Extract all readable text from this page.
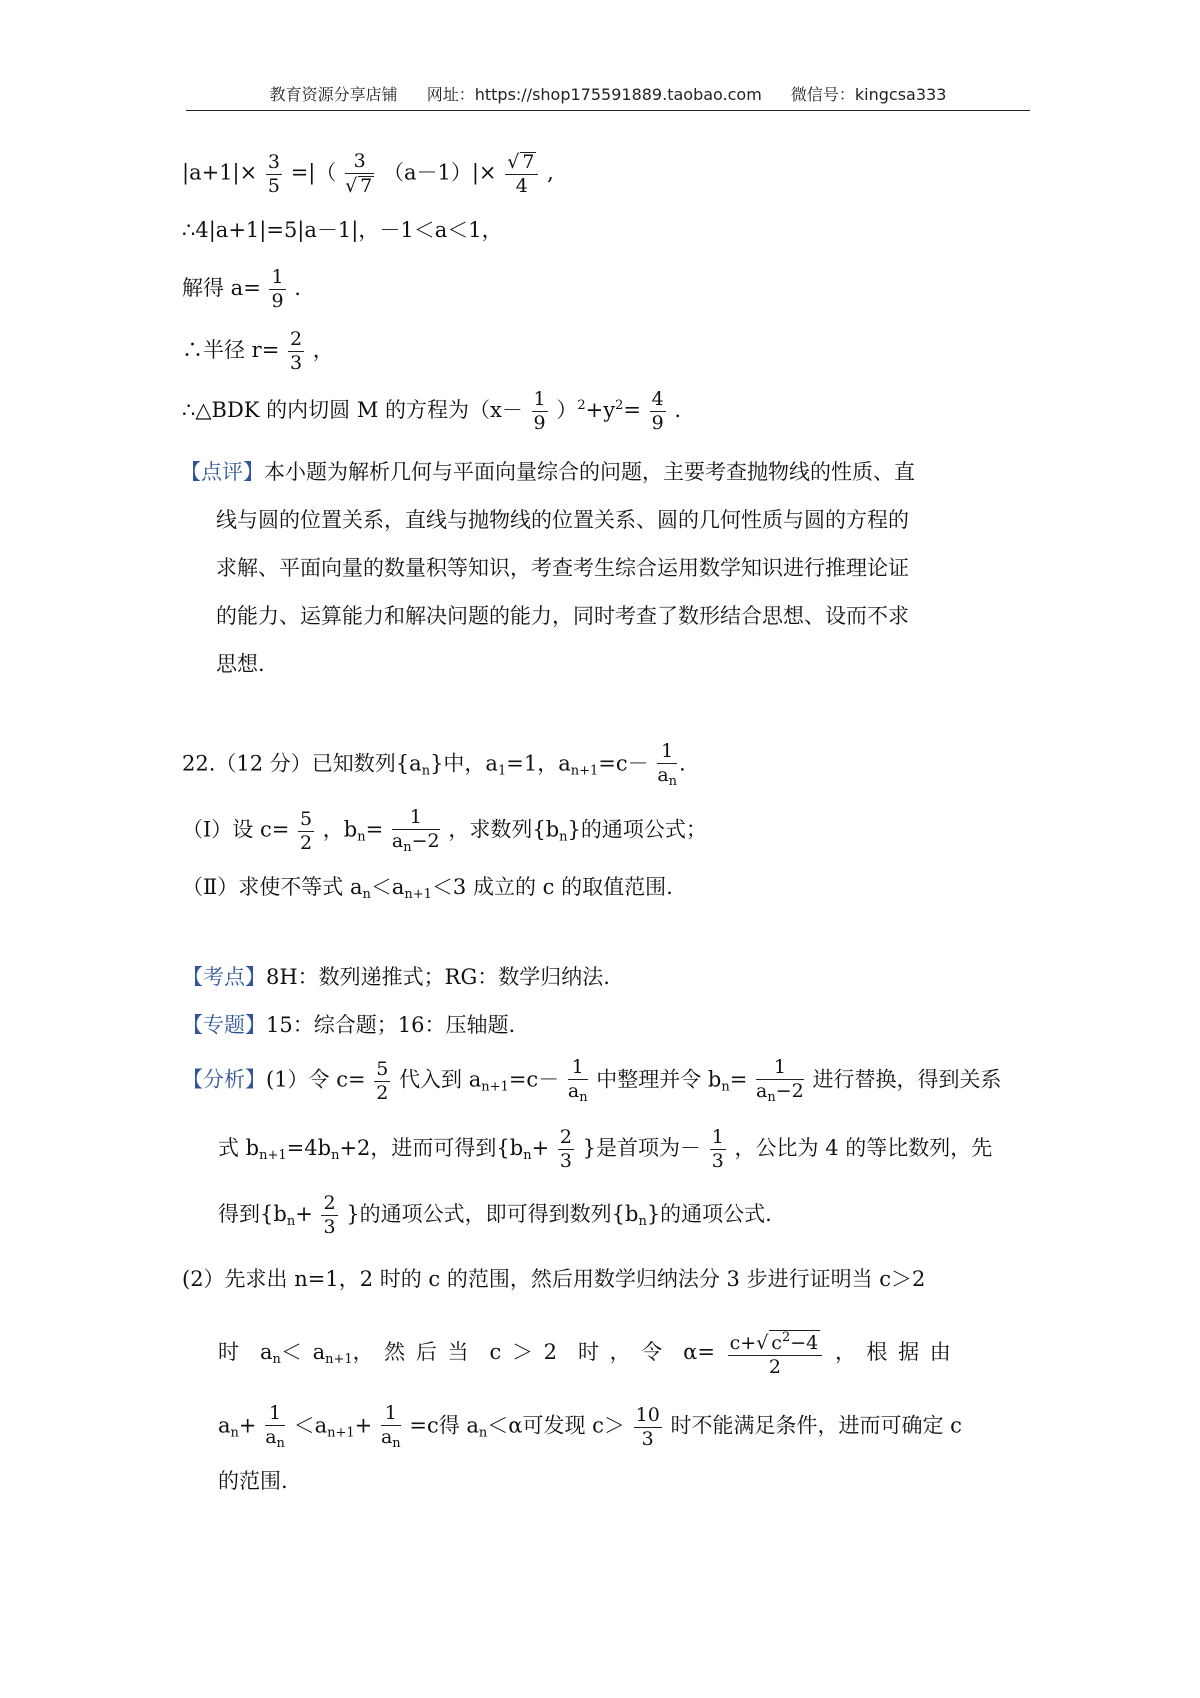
教育资源分享店铺 网址：https://shop175591889.taobao.com 微信号：kingcsa333
$|a+1|\times \frac{3}{5}$ =|（ $\frac{3}{√ 7} (a-1)|\times \frac{√ 7}{4}$ ,
∴4|a+1|=5|a－1|，－1＜a＜1，
解得 $a= \frac{1}{9}$ .
∴半径 $r= \frac{2}{3}$ ，
∴△BDK 的内切圆 M 的方程为$(x- \frac{1}{9} )^2+y^2= \frac{4}{9}$ .
【点评】本小题为解析几何与平面向量综合的问题，主要考查抛物线的性质、直
线与圆的位置关系，直线与抛物线的位置关系、圆的几何性质与圆的方程的
求解、平面向量的数量积等知识，考查考生综合运用数学知识进行推理论证
的能力、运算能力和解决问题的能力，同时考查了数形结合思想、设而不求
思想.
22.（12 分）已知数列$\{a_n\}$中，$a_1=1$，$a_{n+1}=c- \frac{1}{a_n}$ .
（Ⅰ）设 $c= \frac{5}{2}$ ，$b_n= \frac{1}{a_n-2}$ ，求数列$\{b_n\}$的通项公式；
（Ⅱ）求使不等式 $a_n<a_{n+1}<3$ 成立的 c 的取值范围.
【考点】8H：数列递推式；RG：数学归纳法.
【专题】15：综合题；16：压轴题.
【分析】(1）令 $c= \frac{5}{2}$ 代入到 $a_{n+1}=c- \frac{1}{a_n}$ 中整理并令 $b_n= \frac{1}{a_n-2}$ 进行替换，得到关系
式 $b_{n+1}=4b_n+2$，进而可得到{$b_n+ \frac{2}{3}$ }是首项为－ $\frac{1}{3}$ ，公比为 4 的等比数列，先
得到{$b_n+ \frac{2}{3}$ }的通项公式，即可得到数列$\{b_n\}$的通项公式.
(2）先求出 n=1，2 时的 c 的范围，然后用数学归纳法分 3 步进行证明当 c＞2
时　$a_n< a_{n+1}$，　然 后 当　c ＞ 2　时 ，　令　$\alpha= \frac{c+√ c^2-4}{2}$ ，　根 据 由
$a_n+ \frac{1}{a_n} <a_{n+1}+ \frac{1}{a_n} =c$得 $a_n<\alpha$可发现 $c> \frac{10}{3}$ 时不能满足条件，进而可确定 c
的范围.
